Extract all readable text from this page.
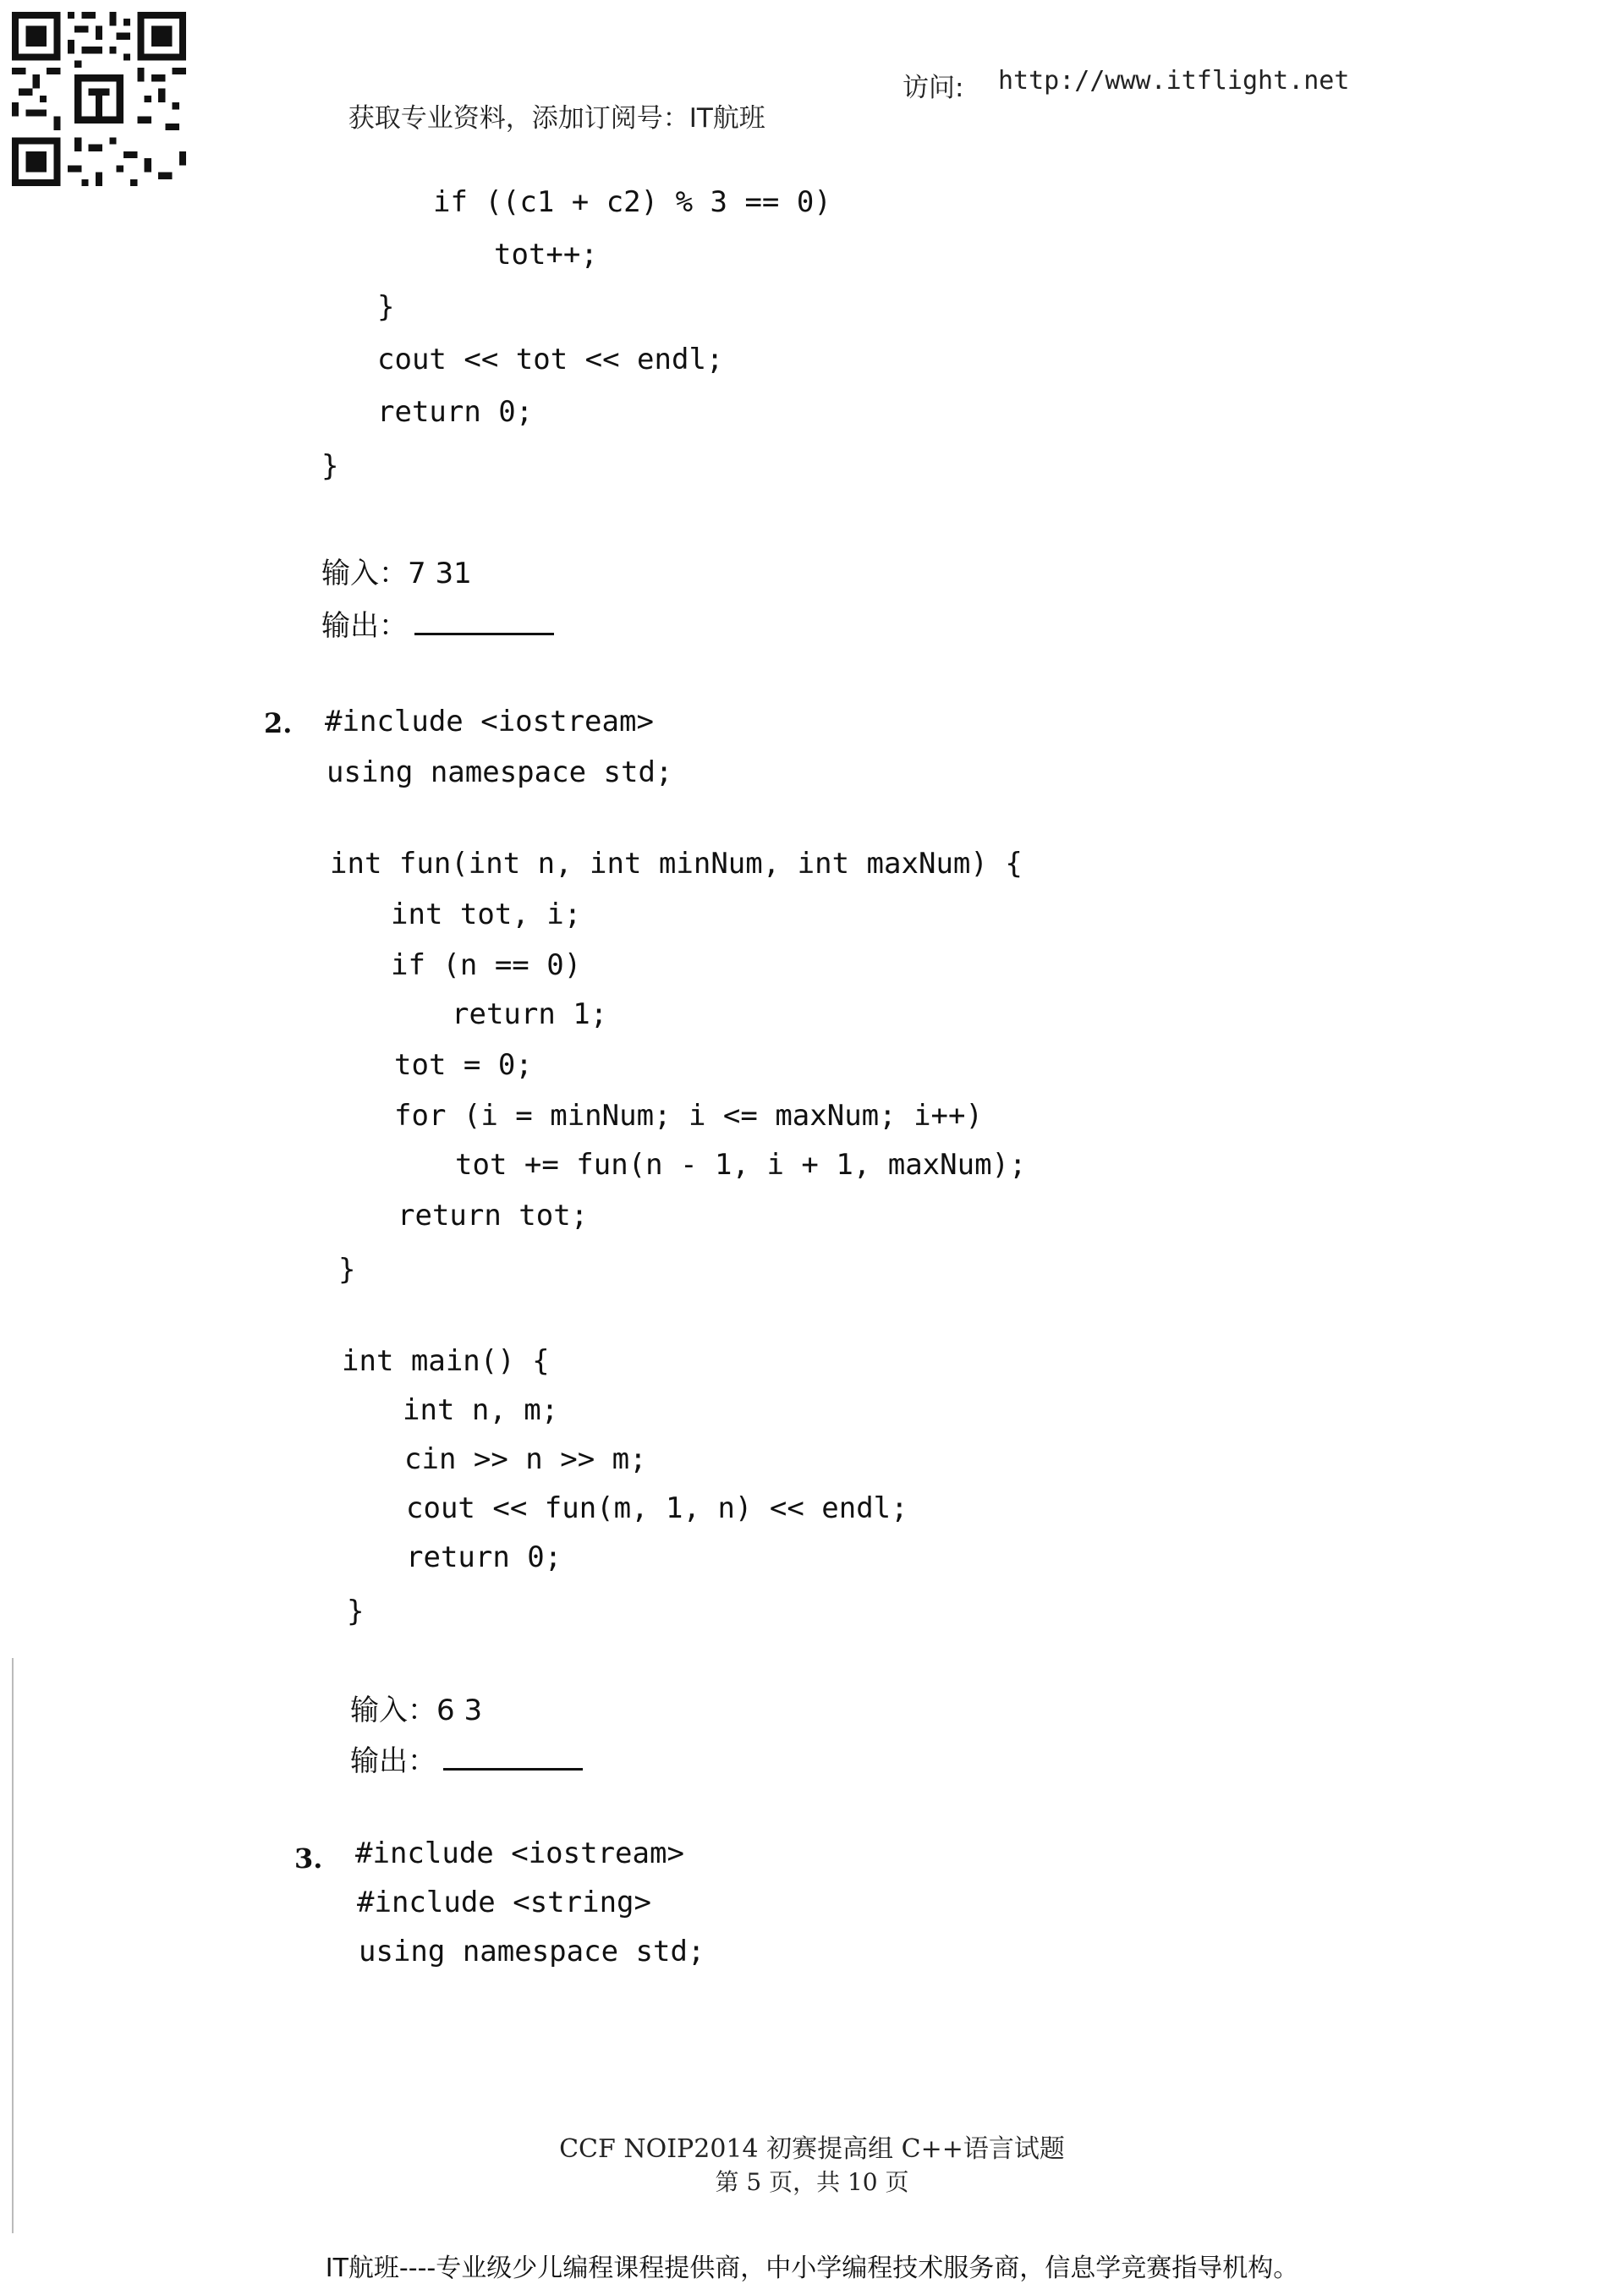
获取专业资料，添加订阅号：IT航班

访问:

http://www.itflight.net

if ((c1 + c2) % 3 == 0)
tot++;
}
cout << tot << endl;
return 0;
}
输入：7 31
输出：
2. #include <iostream>
using namespace std;
int fun(int n, int minNum, int maxNum) {
int tot, i;
if (n == 0)
return 1;
tot = 0;
for (i = minNum; i <= maxNum; i++)
tot += fun(n - 1, i + 1, maxNum);
return tot;
}
int main() {
int n, m;
cin >> n >> m;
cout << fun(m, 1, n) << endl;
return 0;
}
输入：6 3
输出：
3. #include <iostream>
#include <string>
using namespace std;
CCF NOIP2014 初赛提高组 C++语言试题
第 5 页，共 10 页
IT航班----专业级少儿编程课程提供商，中小学编程技术服务商，信息学竞赛指导机构。
